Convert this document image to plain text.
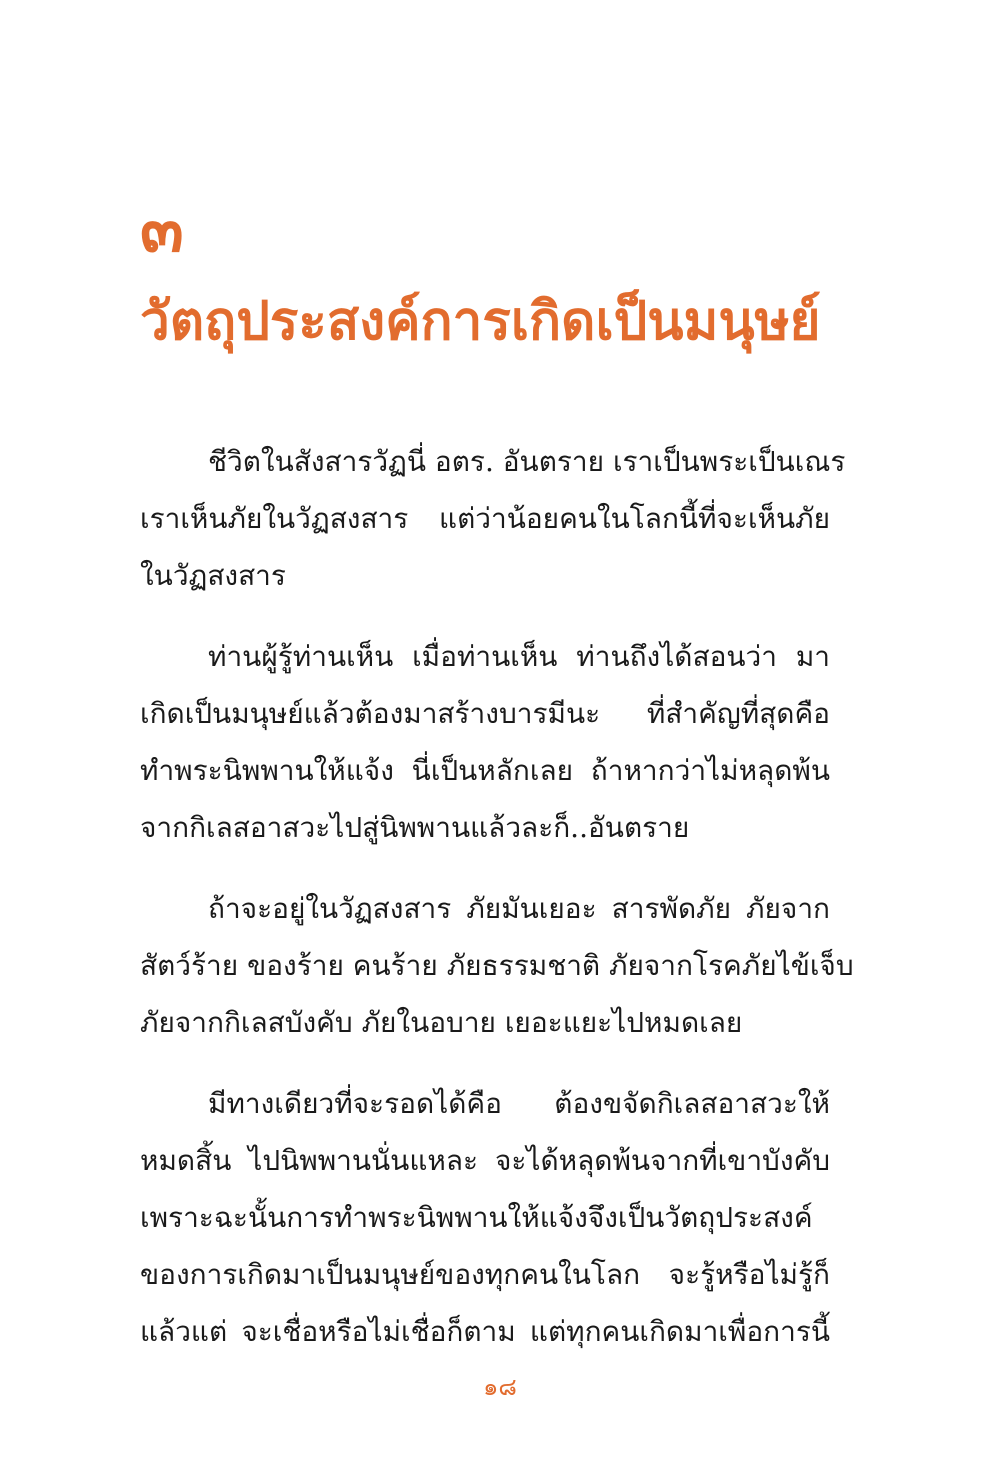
๓
วัตถุประสงค์การเกิดเป็นมนุษย์

ชีวิตในสังสารวัฏนี่ อตร. อันตราย เราเป็นพระเป็นเณร
เราเห็นภัยในวัฏสงสาร แต่ว่าน้อยคนในโลกนี้ที่จะเห็นภัย
ในวัฏสงสาร

ท่านผู้รู้ท่านเห็น เมื่อท่านเห็น ท่านถึงได้สอนว่า มา
เกิดเป็นมนุษย์แล้วต้องมาสร้างบารมีนะ ที่สำคัญที่สุดคือ
ทำพระนิพพานให้แจ้ง นี่เป็นหลักเลย ถ้าหากว่าไม่หลุดพ้น
จากกิเลสอาสวะไปสู่นิพพานแล้วละก็..อันตราย

ถ้าจะอยู่ในวัฏสงสาร ภัยมันเยอะ สารพัดภัย ภัยจาก
สัตว์ร้าย ของร้าย คนร้าย ภัยธรรมชาติ ภัยจากโรคภัยไข้เจ็บ
ภัยจากกิเลสบังคับ ภัยในอบาย เยอะแยะไปหมดเลย

มีทางเดียวที่จะรอดได้คือ ต้องขจัดกิเลสอาสวะให้
หมดสิ้น ไปนิพพานนั่นแหละ จะได้หลุดพ้นจากที่เขาบังคับ
เพราะฉะนั้นการทำพระนิพพานให้แจ้งจึงเป็นวัตถุประสงค์
ของการเกิดมาเป็นมนุษย์ของทุกคนในโลก จะรู้หรือไม่รู้ก็
แล้วแต่ จะเชื่อหรือไม่เชื่อก็ตาม แต่ทุกคนเกิดมาเพื่อการนี้

๑๘
